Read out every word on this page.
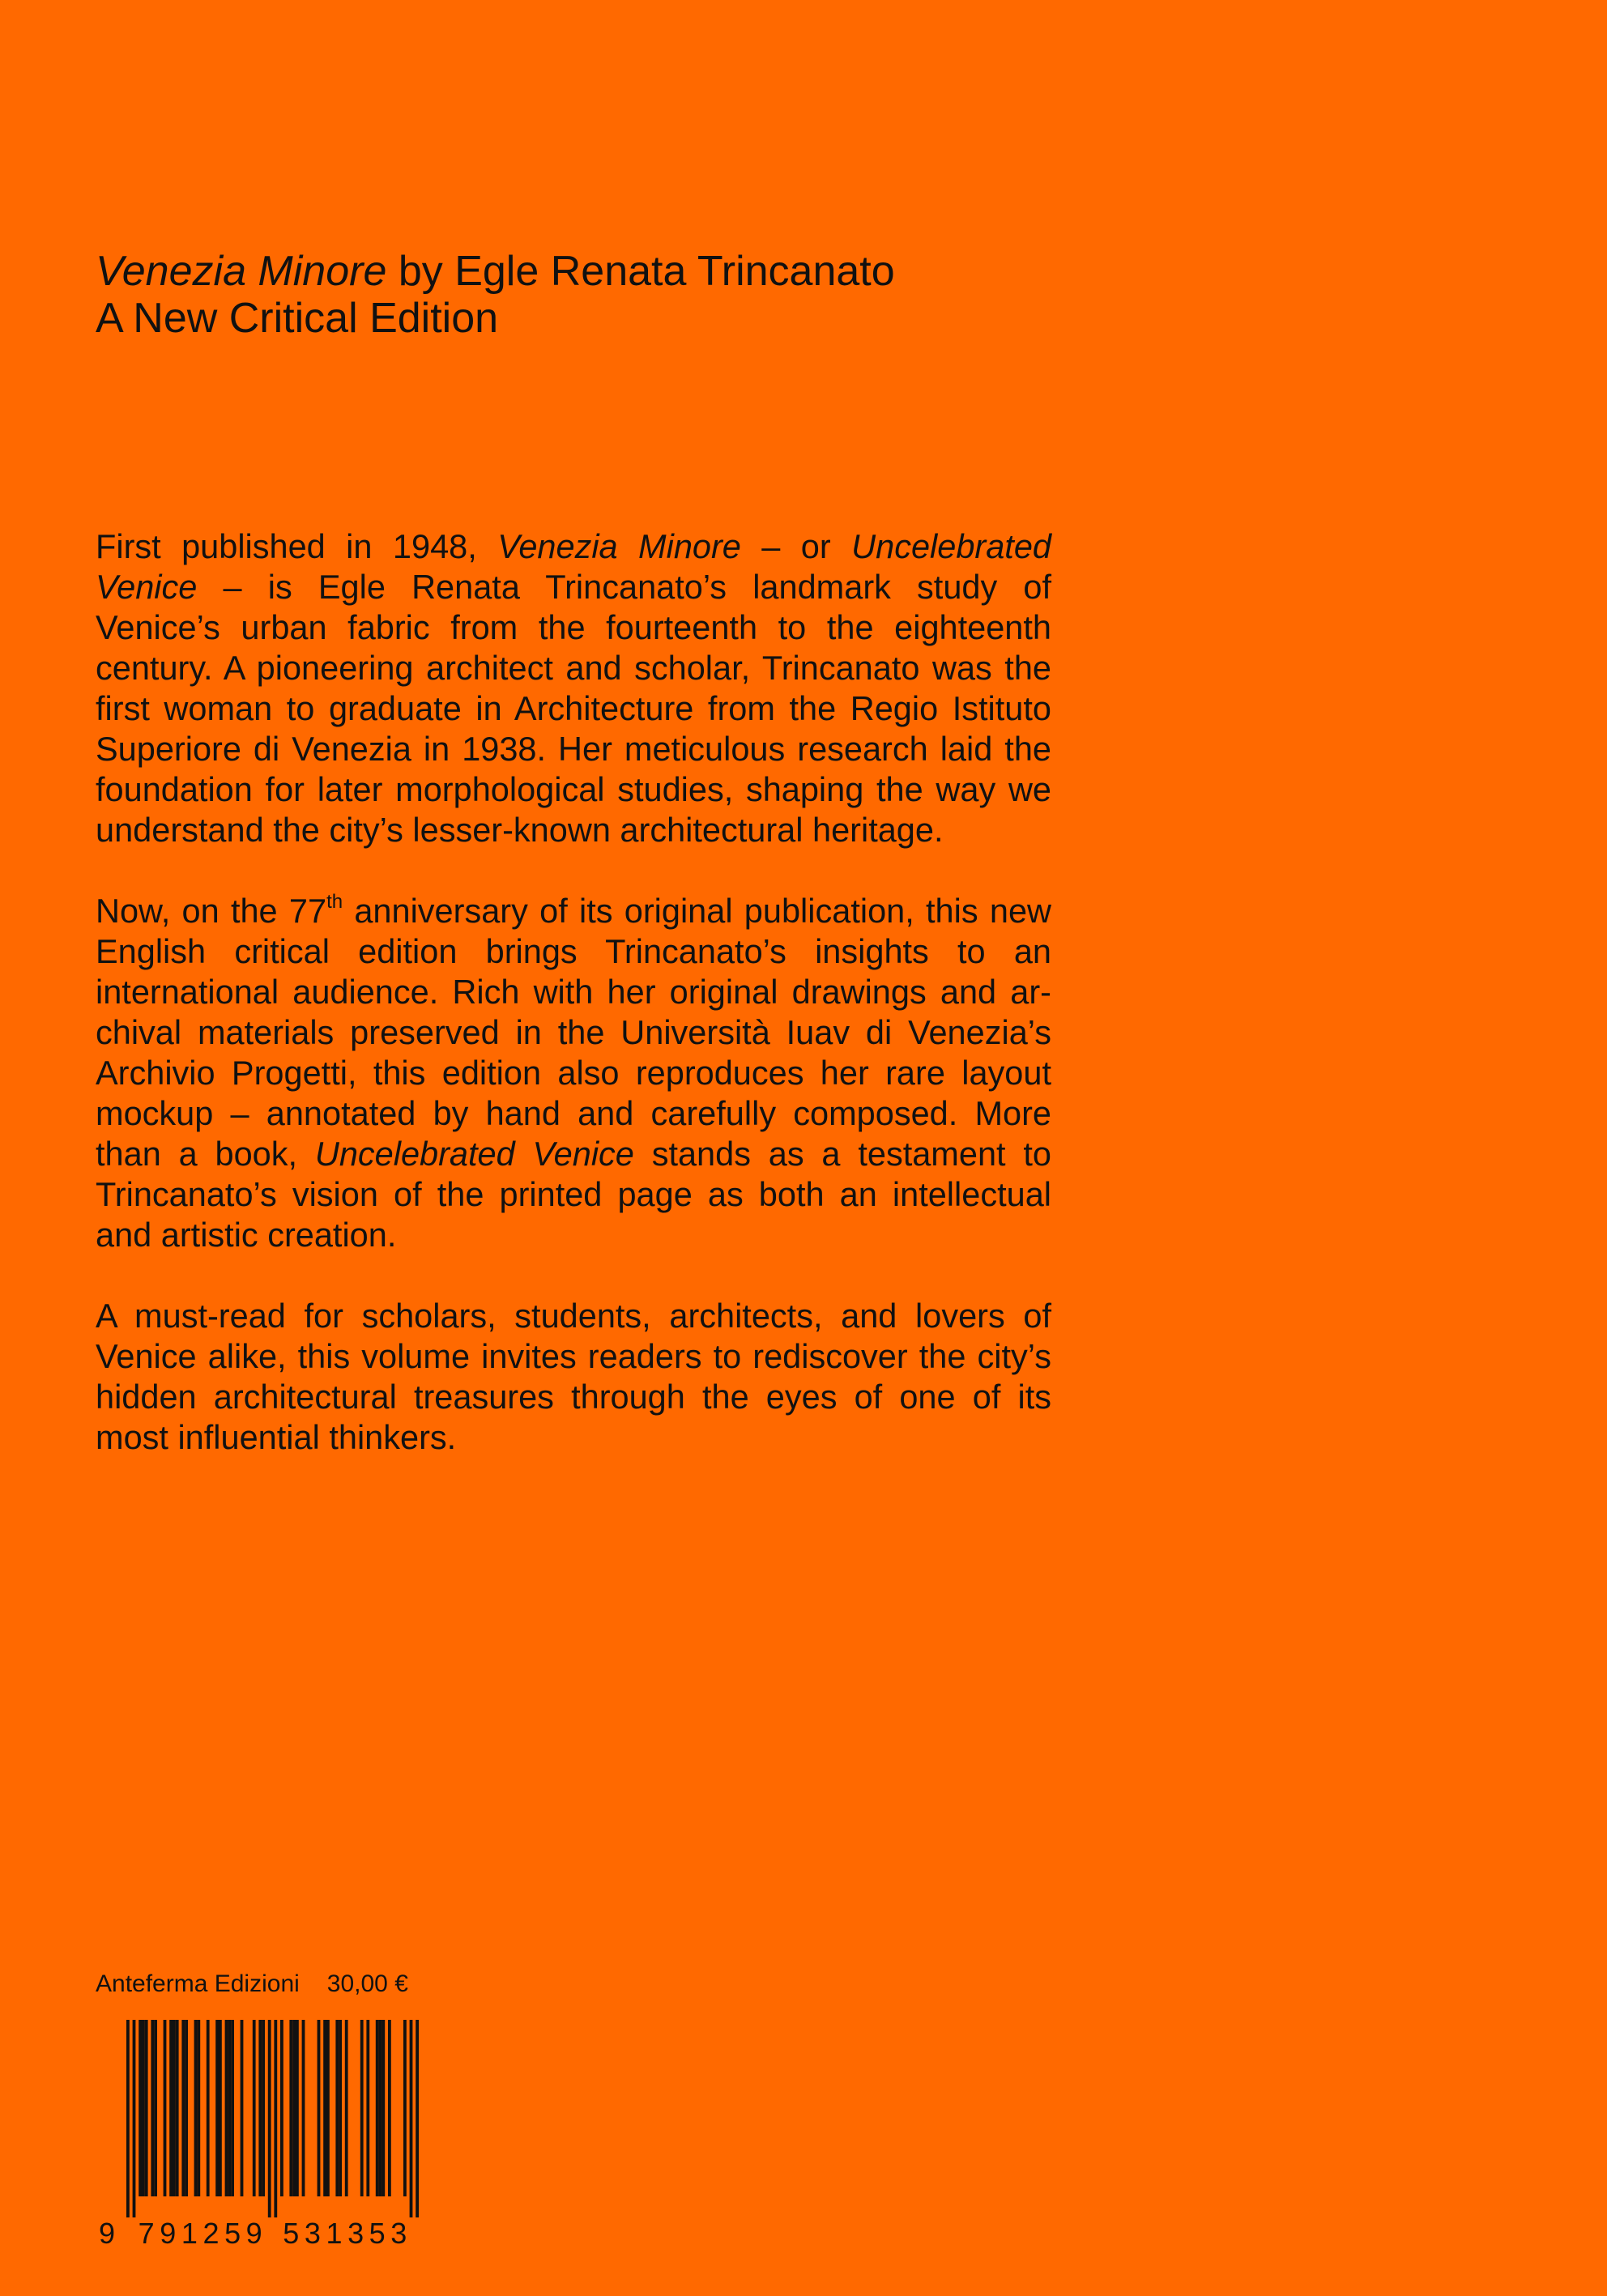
Venezia Minore by Egle Renata Trincanato
A New Critical Edition

First published in 1948, Venezia Minore – or Uncelebrated Venice – is Egle Renata Trincanato’s landmark study of Venice’s urban fabric from the fourteenth to the eighteenth century. A pioneering architect and scholar, Trincanato was the first woman to graduate in Architecture from the Regio Istituto Superiore di Venezia in 1938. Her meticulous research laid the foundation for later morphological studies, shaping the way we understand the city’s lesser-known architectural heritage.

Now, on the 77th anniversary of its original publication, this new English critical edition brings Trincanato’s insights to an international audience. Rich with her original drawings and archival materials preserved in the Università Iuav di Venezia’s Archivio Progetti, this edition also reproduces her rare layout mockup – annotated by hand and carefully composed. More than a book, Uncelebrated Venice stands as a testament to Trincanato’s vision of the printed page as both an intellectual and artistic creation.

A must-read for scholars, students, architects, and lovers of Venice alike, this volume invites readers to rediscover the city’s hidden architectural treasures through the eyes of one of its most influential thinkers.

Anteferma Edizioni 30,00 €
9 7 9 1 2 5 9 5 3 1 3 5 3
